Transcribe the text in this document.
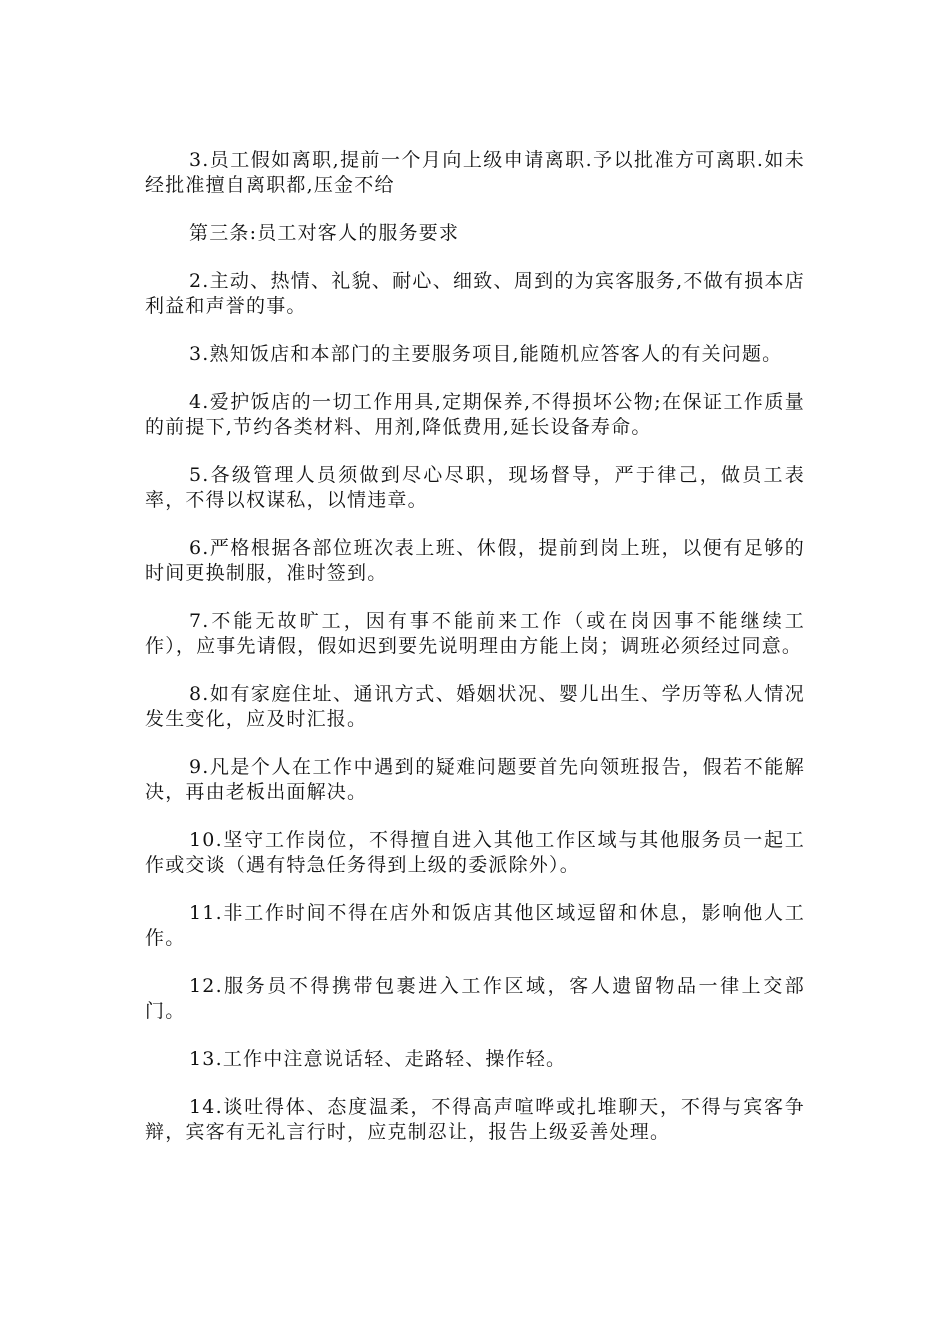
3.员工假如离职,提前一个月向上级申请离职.予以批准方可离职.如未经批准擅自离职都,压金不给

第三条:员工对客人的服务要求

2.主动、热情、礼貌、耐心、细致、周到的为宾客服务,不做有损本店利益和声誉的事。

3.熟知饭店和本部门的主要服务项目,能随机应答客人的有关问题。

4.爱护饭店的一切工作用具,定期保养,不得损坏公物;在保证工作质量的前提下,节约各类材料、用剂,降低费用,延长设备寿命。

5.各级管理人员须做到尽心尽职，现场督导，严于律己，做员工表率，不得以权谋私，以情违章。

6.严格根据各部位班次表上班、休假，提前到岗上班，以便有足够的时间更换制服，准时签到。

7.不能无故旷工，因有事不能前来工作（或在岗因事不能继续工作），应事先请假，假如迟到要先说明理由方能上岗；调班必须经过同意。

8.如有家庭住址、通讯方式、婚姻状况、婴儿出生、学历等私人情况发生变化，应及时汇报。

9.凡是个人在工作中遇到的疑难问题要首先向领班报告，假若不能解决，再由老板出面解决。

10.坚守工作岗位，不得擅自进入其他工作区域与其他服务员一起工作或交谈（遇有特急任务得到上级的委派除外）。

11.非工作时间不得在店外和饭店其他区域逗留和休息，影响他人工作。

12.服务员不得携带包裹进入工作区域，客人遗留物品一律上交部门。

13.工作中注意说话轻、走路轻、操作轻。

14.谈吐得体、态度温柔，不得高声喧哗或扎堆聊天，不得与宾客争辩，宾客有无礼言行时，应克制忍让，报告上级妥善处理。
